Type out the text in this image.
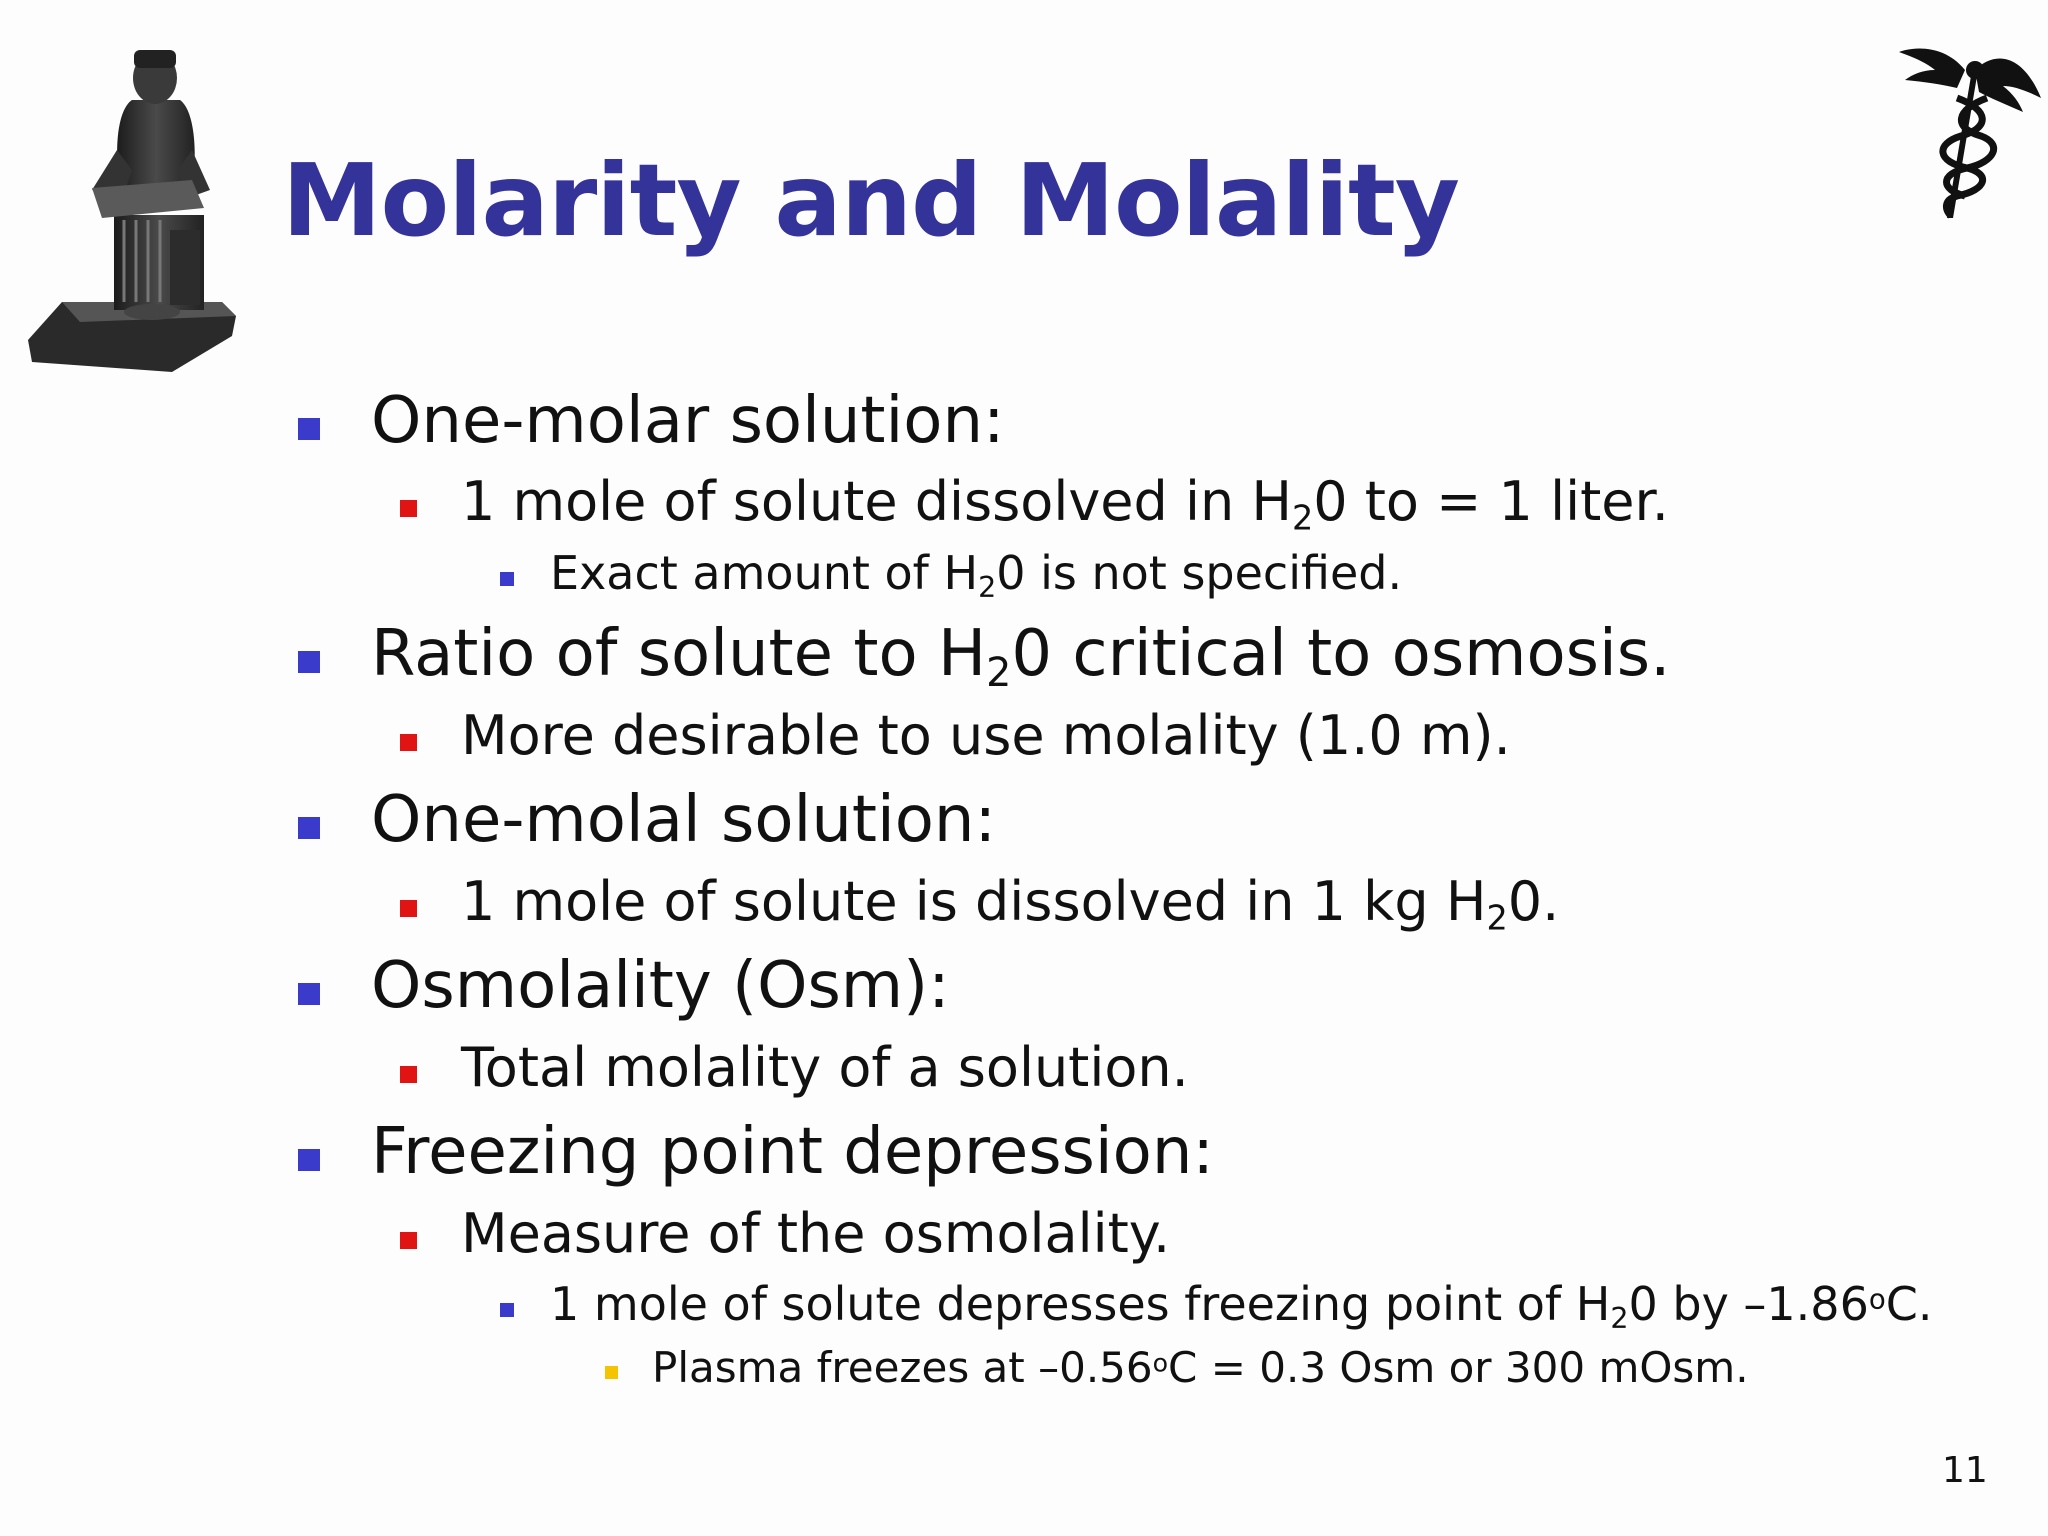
Molarity and Molality
One-molar solution:
1 mole of solute dissolved in $H_20$ to = 1 liter.
Exact amount of $H_20$ is not specified.
Ratio of solute to $H_20$ critical to osmosis.
More desirable to use molality (1.0 m).
One-molal solution:
1 mole of solute is dissolved in 1 kg $H_20$.
Osmolality (Osm):
Total molality of a solution.
Freezing point depression:
Measure of the osmolality.
1 mole of solute depresses freezing point of $H_20$ by –1.86$^o$C.
Plasma freezes at $-0.56^oC = 0.3$ Osm or 300 mOsm.
11
